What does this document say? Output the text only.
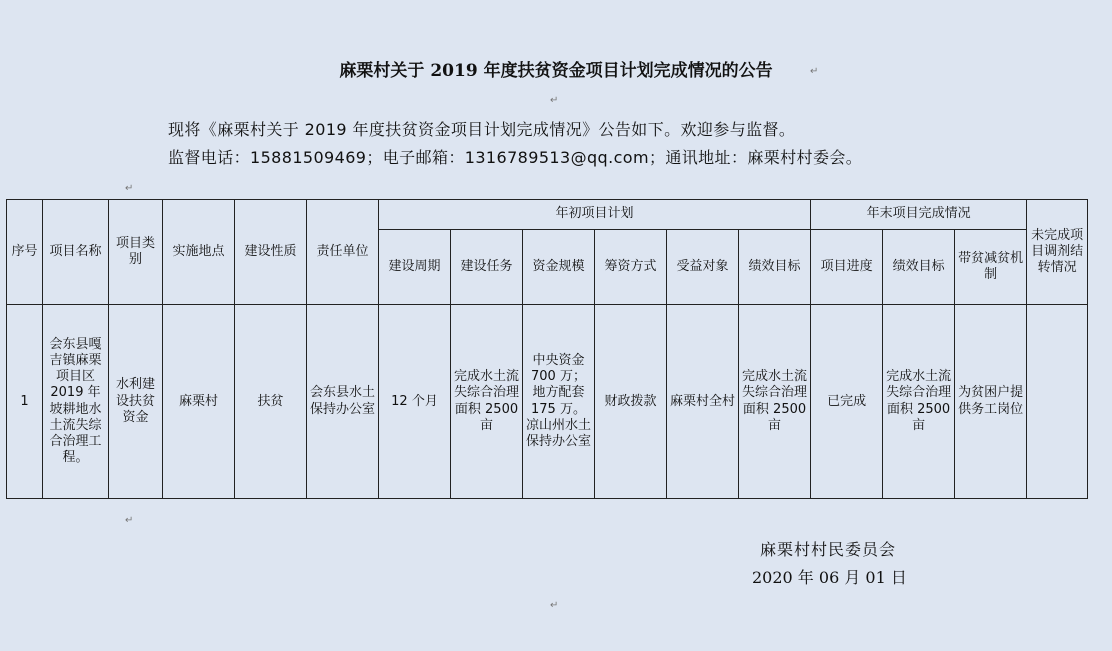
麻栗村关于 2019 年度扶贫资金项目计划完成情况的公告	↵
↵
现将《麻栗村关于 2019 年度扶贫资金项目计划完成情况》公告如下。欢迎参与监督。
监督电话：15881509469；电子邮箱：1316789513@qq.com；通讯地址：麻栗村村委会。
↵
序号	项目名称	项目类别	实施地点	建设性质	责任单位	年初项目计划						年末项目完成情况			未完成项目调剂结转情况
						建设周期	建设任务	资金规模	筹资方式	受益对象	绩效目标	项目进度	绩效目标	带贫减贫机制	
1	会东县嘎吉镇麻栗项目区 2019 年坡耕地水土流失综合治理工程。	水利建设扶贫资金	麻栗村	扶贫	会东县水土保持办公室	12 个月	完成水土流失综合治理面积 2500 亩	中央资金 700 万；地方配套 175 万。凉山州水土保持办公室	财政拨款	麻栗村全村	完成水土流失综合治理面积 2500 亩	已完成	完成水土流失综合治理面积 2500 亩	为贫困户提供务工岗位	
↵
麻栗村村民委员会
2020 年 06 月 01 日
↵
